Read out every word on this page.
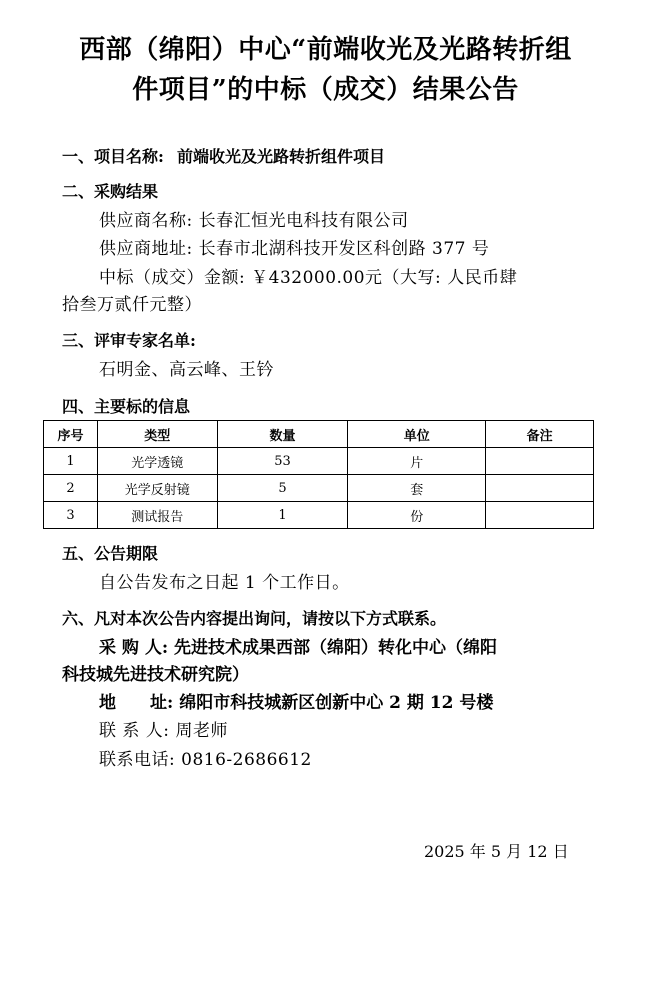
西部（绵阳）中心“前端收光及光路转折组
件项目”的中标（成交）结果公告
一、项目名称: 前端收光及光路转折组件项目
二、采购结果
供应商名称: 长春汇恒光电科技有限公司
供应商地址: 长春市北湖科技开发区科创路 377 号
中标（成交）金额: ￥432000.00元（大写: 人民币肆
拾叁万贰仟元整）
三、评审专家名单:
石明金、高云峰、王钤
四、主要标的信息
序号	类型	数量	单位	备注
1	光学透镜	53	片	
2	光学反射镜	5	套	
3	测试报告	1	份	
五、公告期限
自公告发布之日起 1 个工作日。
六、凡对本次公告内容提出询问，请按以下方式联系。
采 购 人: 先进技术成果西部（绵阳）转化中心（绵阳
科技城先进技术研究院）
地　　址: 绵阳市科技城新区创新中心 2 期 12 号楼
联 系 人: 周老师
联系电话: 0816-2686612
2025 年 5 月 12 日
